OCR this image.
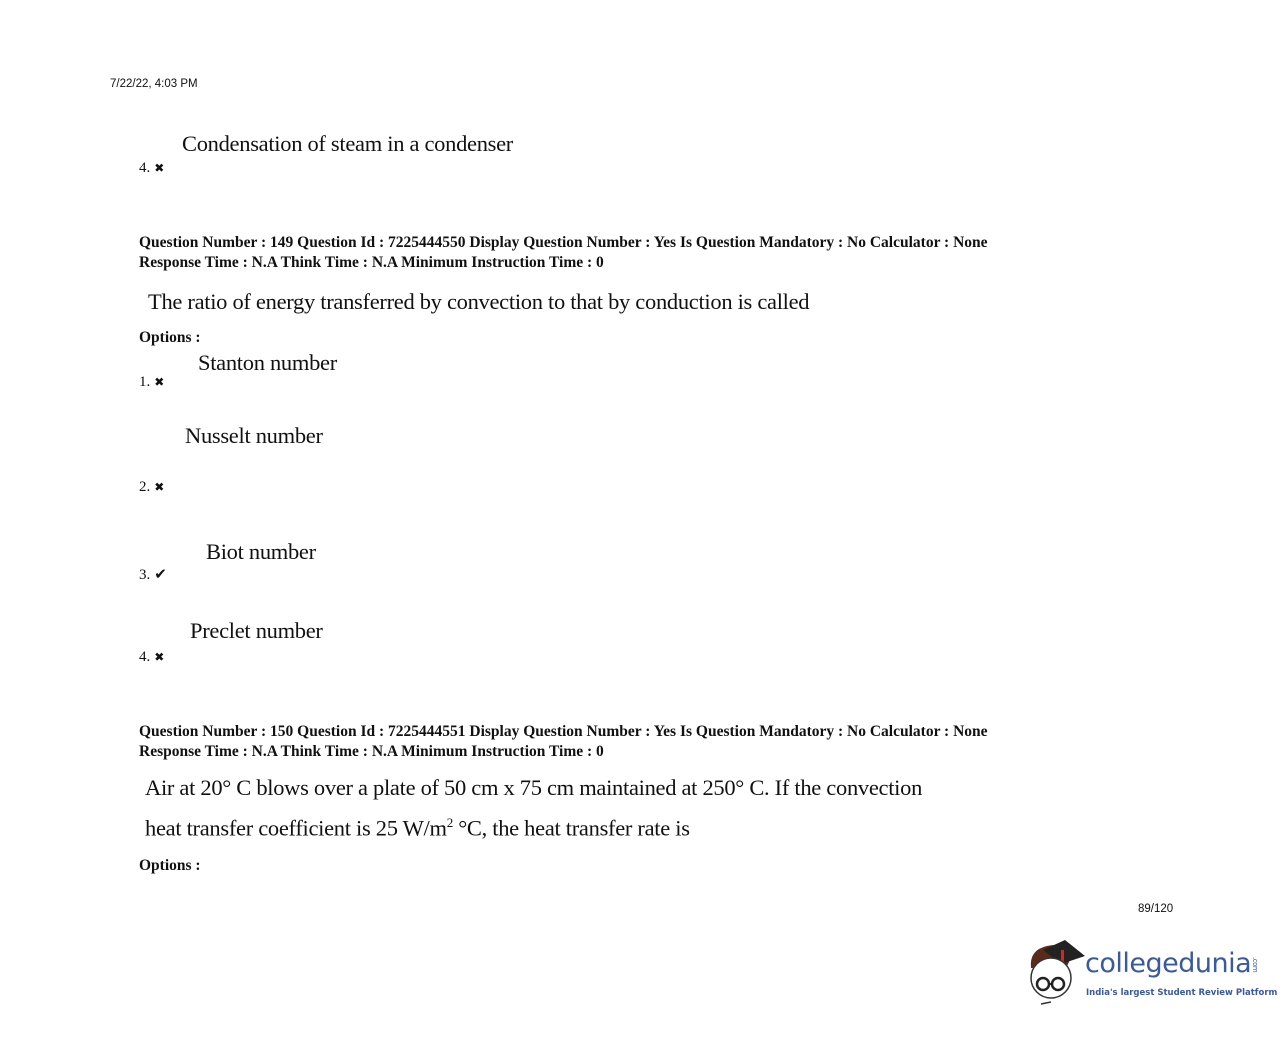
7/22/22, 4:03 PM
Condensation of steam in a condenser
4. ✖
Question Number : 149 Question Id : 7225444550 Display Question Number : Yes Is Question Mandatory : No Calculator : None
Response Time : N.A Think Time : N.A Minimum Instruction Time : 0
The ratio of energy transferred by convection to that by conduction is called
Options :
Stanton number
1. ✖
Nusselt number
2. ✖
Biot number
3. ✔
Preclet number
4. ✖
Question Number : 150 Question Id : 7225444551 Display Question Number : Yes Is Question Mandatory : No Calculator : None
Response Time : N.A Think Time : N.A Minimum Instruction Time : 0
Air at 20° C blows over a plate of 50 cm x 75 cm maintained at 250° C. If the convection
heat transfer coefficient is 25 $W/m^2$ °C, the heat transfer rate is
Options :
89/120
collegedunia.com
India's largest Student Review Platform
